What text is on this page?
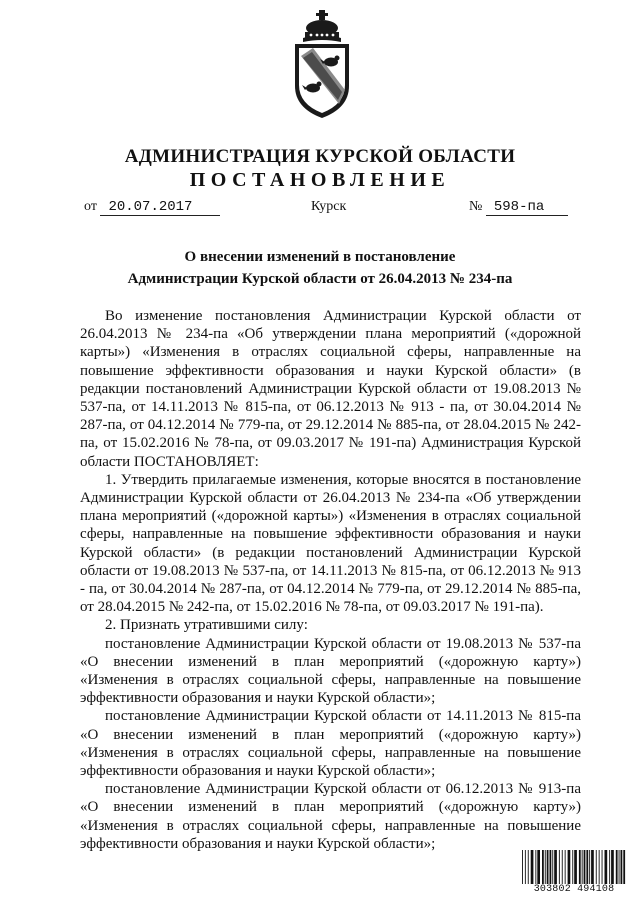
АДМИНИСТРАЦИЯ КУРСКОЙ ОБЛАСТИ
ПОСТАНОВЛЕНИЕ
от 20.07.2017	Курск	№ 598-па
О внесении изменений в постановление
Администрации Курской области от 26.04.2013 № 234-па

Во изменение постановления Администрации Курской области от 26.04.2013 № 234-па «Об утверждении плана мероприятий («дорожной карты») «Изменения в отраслях социальной сферы, направленные на повышение эффективности образования и науки Курской области» (в редакции постановлений Администрации Курской области от 19.08.2013 № 537-па, от 14.11.2013 № 815-па, от 06.12.2013 № 913 - па, от 30.04.2014 № 287-па, от 04.12.2014 № 779-па, от 29.12.2014 № 885-па, от 28.04.2015 № 242-па, от 15.02.2016 № 78-па, от 09.03.2017 № 191-па) Администрация Курской области ПОСТАНОВЛЯЕТ:

1. Утвердить прилагаемые изменения, которые вносятся в постановление Администрации Курской области от 26.04.2013 № 234-па «Об утверждении плана мероприятий («дорожной карты») «Изменения в отраслях социальной сферы, направленные на повышение эффективности образования и науки Курской области» (в редакции постановлений Администрации Курской области от 19.08.2013 № 537-па, от 14.11.2013 № 815-па, от 06.12.2013 № 913 - па, от 30.04.2014 № 287-па, от 04.12.2014 № 779-па, от 29.12.2014 № 885-па, от 28.04.2015 № 242-па, от 15.02.2016 № 78-па, от 09.03.2017 № 191-па).

2. Признать утратившими силу:

постановление Администрации Курской области от 19.08.2013 № 537-па «О внесении изменений в план мероприятий («дорожную карту») «Изменения в отраслях социальной сферы, направленные на повышение эффективности образования и науки Курской области»;

постановление Администрации Курской области от 14.11.2013 № 815-па «О внесении изменений в план мероприятий («дорожную карту») «Изменения в отраслях социальной сферы, направленные на повышение эффективности образования и науки Курской области»;

постановление Администрации Курской области от 06.12.2013 № 913-па «О внесении изменений в план мероприятий («дорожную карту») «Изменения в отраслях социальной сферы, направленные на повышение эффективности образования и науки Курской области»;

303802 494108
